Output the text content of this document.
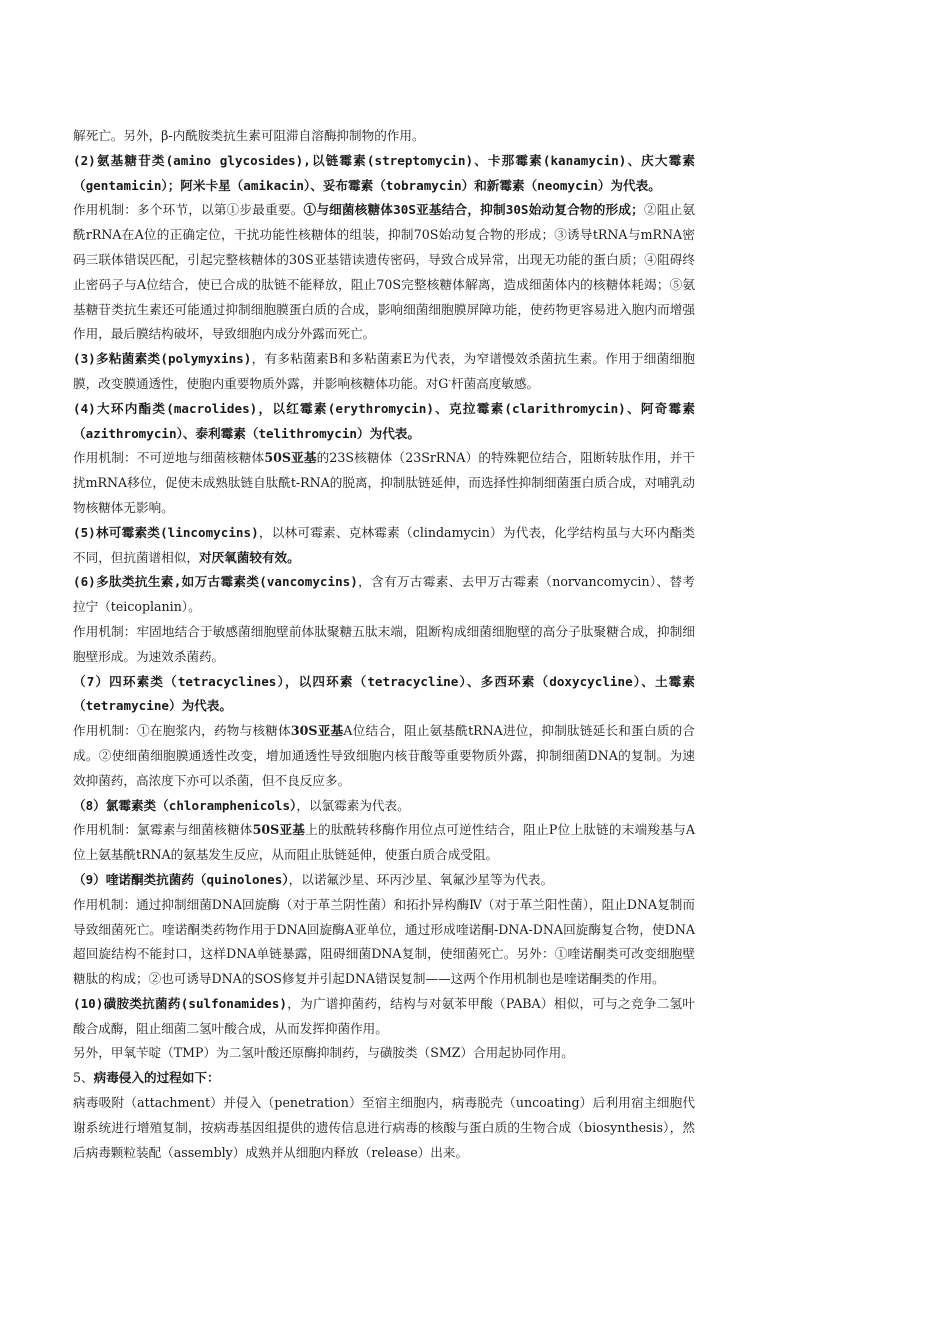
解死亡。另外，β-内酰胺类抗生素可阻滞自溶酶抑制物的作用。

(2)氨基糖苷类(amino glycosides),以链霉素(streptomycin)、卡那霉素(kanamycin)、庆大霉素（gentamicin）；阿米卡星（amikacin）、妥布霉素（tobramycin）和新霉素（neomycin）为代表。

作用机制：多个环节，以第①步最重要。①与细菌核糖体30S亚基结合，抑制30S始动复合物的形成；②阻止氨酰rRNA在A位的正确定位，干扰功能性核糖体的组装，抑制70S始动复合物的形成；③诱导tRNA与mRNA密码三联体错误匹配，引起完整核糖体的30S亚基错读遗传密码，导致合成异常，出现无功能的蛋白质；④阻碍终止密码子与A位结合，使已合成的肽链不能释放，阻止70S完整核糖体解离，造成细菌体内的核糖体耗竭；⑤氨基糖苷类抗生素还可能通过抑制细胞膜蛋白质的合成，影响细菌细胞膜屏障功能，使药物更容易进入胞内而增强作用，最后膜结构破坏，导致细胞内成分外露而死亡。

(3)多粘菌素类(polymyxins)，有多粘菌素B和多粘菌素E为代表，为窄谱慢效杀菌抗生素。作用于细菌细胞膜，改变膜通透性，使胞内重要物质外露，并影响核糖体功能。对G-杆菌高度敏感。

(4)大环内酯类(macrolides)，以红霉素(erythromycin)、克拉霉素(clarithromycin)、阿奇霉素（azithromycin）、泰利霉素（telithromycin）为代表。

作用机制：不可逆地与细菌核糖体50S亚基的23S核糖体（23SrRNA）的特殊靶位结合，阻断转肽作用，并干扰mRNA移位，促使未成熟肽链自肽酰t-RNA的脱离，抑制肽链延伸，而选择性抑制细菌蛋白质合成，对哺乳动物核糖体无影响。

(5)林可霉素类(lincomycins)，以林可霉素、克林霉素（clindamycin）为代表，化学结构虽与大环内酯类不同，但抗菌谱相似，对厌氧菌较有效。

(6)多肽类抗生素,如万古霉素类(vancomycins)，含有万古霉素、去甲万古霉素（norvancomycin）、替考拉宁（teicoplanin）。

作用机制：牢固地结合于敏感菌细胞壁前体肽聚糖五肽末端，阻断构成细菌细胞壁的高分子肽聚糖合成，抑制细胞壁形成。为速效杀菌药。

（7）四环素类（tetracyclines），以四环素（tetracycline）、多西环素（doxycycline）、土霉素（tetramycine）为代表。

作用机制：①在胞浆内，药物与核糖体30S亚基A位结合，阻止氨基酰tRNA进位，抑制肽链延长和蛋白质的合成。②使细菌细胞膜通透性改变，增加通透性导致细胞内核苷酸等重要物质外露，抑制细菌DNA的复制。为速效抑菌药，高浓度下亦可以杀菌，但不良反应多。

（8）氯霉素类（chloramphenicols），以氯霉素为代表。

作用机制：氯霉素与细菌核糖体50S亚基上的肽酰转移酶作用位点可逆性结合，阻止P位上肽链的末端羧基与A位上氨基酰tRNA的氨基发生反应，从而阻止肽链延伸，使蛋白质合成受阻。

（9）喹诺酮类抗菌药（quinolones），以诺氟沙星、环丙沙星、氧氟沙星等为代表。

作用机制：通过抑制细菌DNA回旋酶（对于革兰阴性菌）和拓扑异构酶Ⅳ（对于革兰阳性菌），阻止DNA复制而导致细菌死亡。喹诺酮类药物作用于DNA回旋酶A亚单位，通过形成喹诺酮-DNA-DNA回旋酶复合物，使DNA超回旋结构不能封口，这样DNA单链暴露，阻碍细菌DNA复制，使细菌死亡。另外：①喹诺酮类可改变细胞壁糖肽的构成；②也可诱导DNA的SOS修复并引起DNA错误复制——这两个作用机制也是喹诺酮类的作用。

(10)磺胺类抗菌药(sulfonamides)，为广谱抑菌药，结构与对氨苯甲酸（PABA）相似，可与之竞争二氢叶酸合成酶，阻止细菌二氢叶酸合成，从而发挥抑菌作用。

另外，甲氧苄啶（TMP）为二氢叶酸还原酶抑制药，与磺胺类（SMZ）合用起协同作用。

5、病毒侵入的过程如下：

病毒吸附（attachment）并侵入（penetration）至宿主细胞内，病毒脱壳（uncoating）后利用宿主细胞代谢系统进行增殖复制，按病毒基因组提供的遗传信息进行病毒的核酸与蛋白质的生物合成（biosynthesis），然后病毒颗粒装配（assembly）成熟并从细胞内释放（release）出来。
